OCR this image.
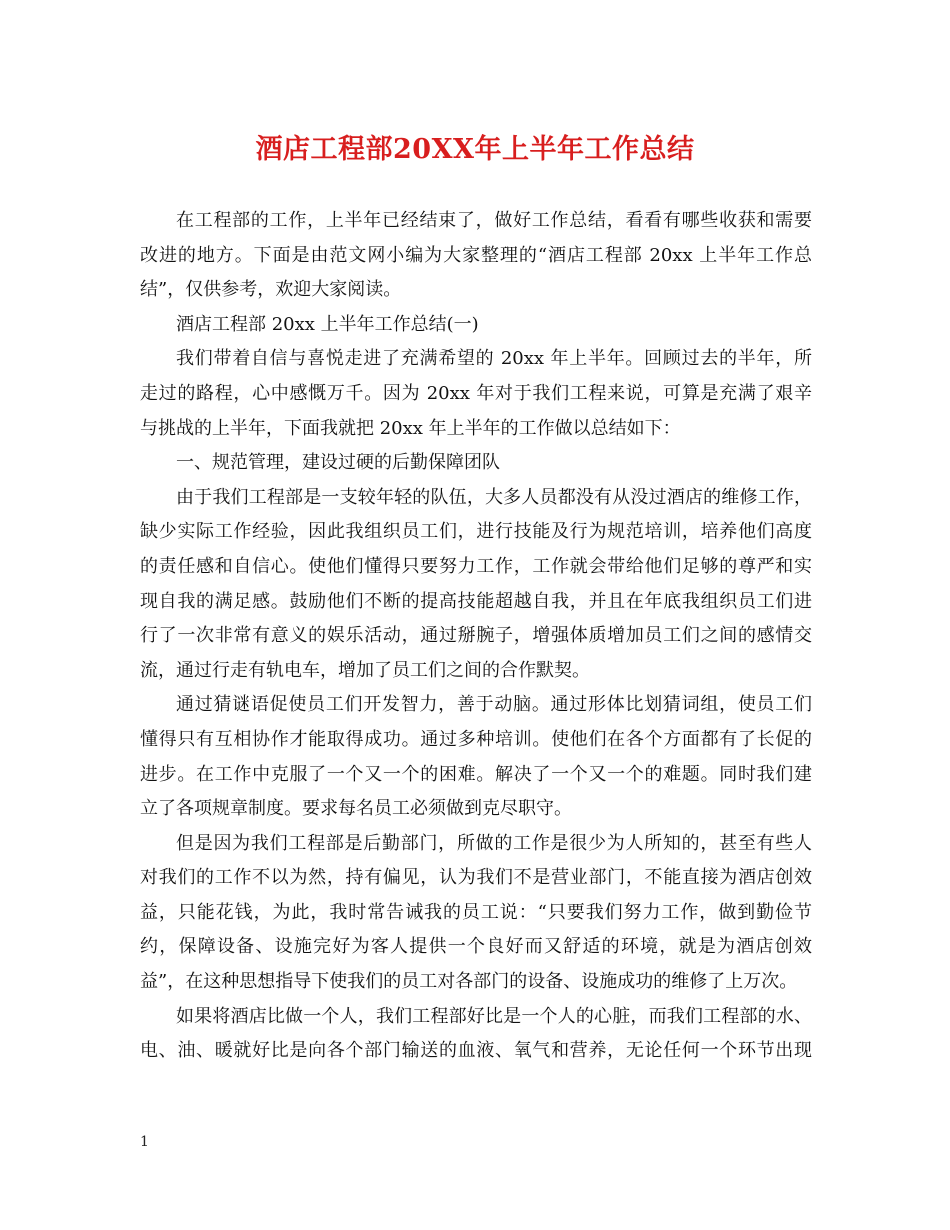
酒店工程部20XX年上半年工作总结
在工程部的工作，上半年已经结束了，做好工作总结，看看有哪些收获和需要
改进的地方。下面是由范文网小编为大家整理的“酒店工程部 20xx 上半年工作总
结”，仅供参考，欢迎大家阅读。
酒店工程部 20xx 上半年工作总结(一)
我们带着自信与喜悦走进了充满希望的 20xx 年上半年。回顾过去的半年，所
走过的路程，心中感慨万千。因为 20xx 年对于我们工程来说，可算是充满了艰辛
与挑战的上半年，下面我就把 20xx 年上半年的工作做以总结如下：
一、规范管理，建设过硬的后勤保障团队
由于我们工程部是一支较年轻的队伍，大多人员都没有从没过酒店的维修工作，
缺少实际工作经验，因此我组织员工们，进行技能及行为规范培训，培养他们高度
的责任感和自信心。使他们懂得只要努力工作，工作就会带给他们足够的尊严和实
现自我的满足感。鼓励他们不断的提高技能超越自我，并且在年底我组织员工们进
行了一次非常有意义的娱乐活动，通过掰腕子，增强体质增加员工们之间的感情交
流，通过行走有轨电车，增加了员工们之间的合作默契。
通过猜谜语促使员工们开发智力，善于动脑。通过形体比划猜词组，使员工们
懂得只有互相协作才能取得成功。通过多种培训。使他们在各个方面都有了长促的
进步。在工作中克服了一个又一个的困难。解决了一个又一个的难题。同时我们建
立了各项规章制度。要求每名员工必须做到克尽职守。
但是因为我们工程部是后勤部门，所做的工作是很少为人所知的，甚至有些人
对我们的工作不以为然，持有偏见，认为我们不是营业部门，不能直接为酒店创效
益，只能花钱，为此，我时常告诫我的员工说：“只要我们努力工作，做到勤俭节
约，保障设备、设施完好为客人提供一个良好而又舒适的环境，就是为酒店创效
益”，在这种思想指导下使我们的员工对各部门的设备、设施成功的维修了上万次。
如果将酒店比做一个人，我们工程部好比是一个人的心脏，而我们工程部的水、
电、油、暖就好比是向各个部门输送的血液、氧气和营养，无论任何一个环节出现
1
